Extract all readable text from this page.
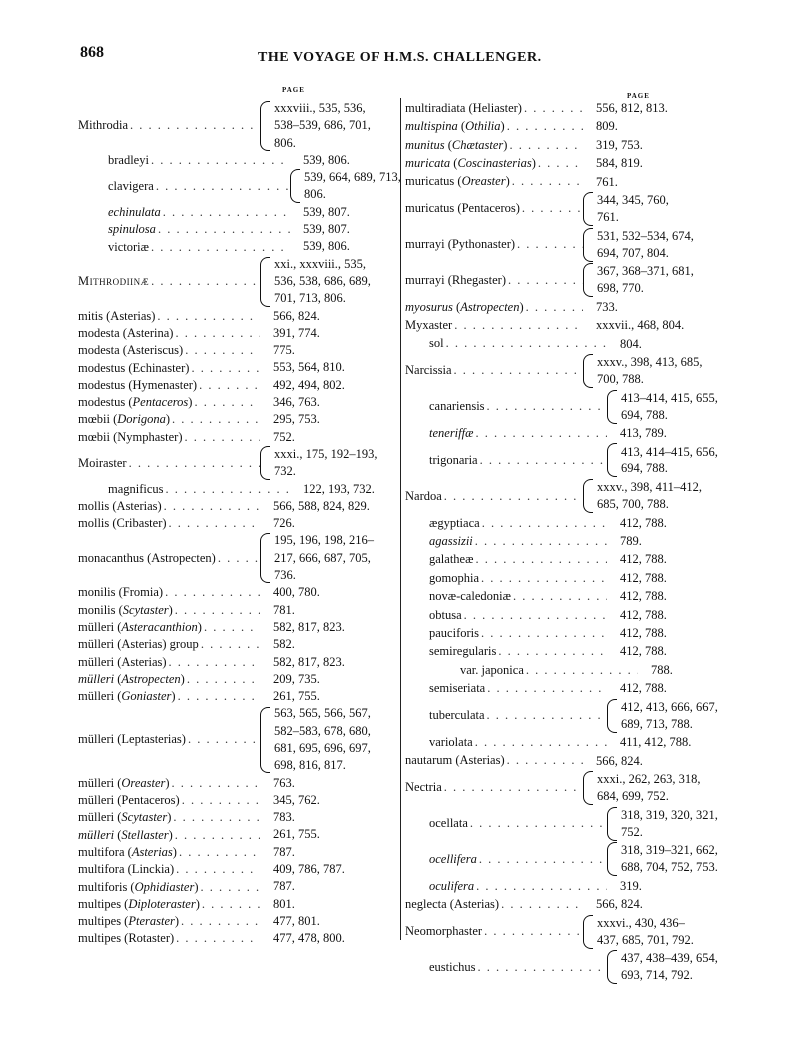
868	THE VOYAGE OF H.M.S. CHALLENGER.
PAGE
Mithrodia . . .
xxxviii., 535, 536,
538–539, 686, 701,
806.
bradleyi . . .	539, 806.
clavigera . . .
539, 664, 689, 713,
806.
echinulata . . .	539, 807.
spinulosa . . .	539, 807.
victoriæ . . .	539, 806.
Mithrodiinæ . . .
xxi., xxxviii., 535,
536, 538, 686, 689,
701, 713, 806.
mitis (Asterias) . . .	566, 824.
modesta (Asterina) . . .	391, 774.
modesta (Asteriscus) . . .	775.
modestus (Echinaster) . . .	553, 564, 810.
modestus (Hymenaster) . . .	492, 494, 802.
modestus (Pentaceros) . . .	346, 763.
mœbii (Dorigona) . . .	295, 753.
mœbii (Nymphaster) . . .	752.
Moiraster . . .
xxxi., 175, 192–193,
732.
magnificus . . .	122, 193, 732.
mollis (Asterias) . . .	566, 588, 824, 829.
mollis (Cribaster) . . .	726.
monacanthus (Astropecten) . . .
195, 196, 198, 216–
217, 666, 687, 705,
736.
monilis (Fromia) . . .	400, 780.
monilis (Scytaster) . . .	781.
mülleri (Asteracanthion) . . .	582, 817, 823.
mülleri (Asterias) group . . .	582.
mülleri (Asterias) . . .	582, 817, 823.
mülleri (Astropecten) . . .	209, 735.
mülleri (Goniaster) . . .	261, 755.
mülleri (Leptasterias) . . .
563, 565, 566, 567,
582–583, 678, 680,
681, 695, 696, 697,
698, 816, 817.
mülleri (Oreaster) . . .	763.
mülleri (Pentaceros) . . .	345, 762.
mülleri (Scytaster) . . .	783.
mülleri (Stellaster) . . .	261, 755.
multiforа (Asterias) . . .	787.
multifora (Linckia) . . .	409, 786, 787.
multiforis (Ophidiaster) . . .	787.
multipes (Diploteraster) . . .	801.
multipes (Pteraster) . . .	477, 801.
multipes (Rotaster) . . .	477, 478, 800.
PAGE
multiradiata (Heliaster) . . .	556, 812, 813.
multispina (Othilia) . . .	809.
munitus (Chætaster) . . .	319, 753.
muricata (Coscinasterias) . . .	584, 819.
muricatus (Oreaster) . . .	761.
muricatus (Pentaceros) . . .
344, 345, 760,
761.
murrayi (Pythonaster) . . .
531, 532–534, 674,
694, 707, 804.
murrayi (Rhegaster) . . .
367, 368–371, 681,
698, 770.
myosurus (Astropecten) . . .	733.
Myxaster . . .	xxxvii., 468, 804.
sol . . .	804.
Narcissia . . .
xxxv., 398, 413, 685,
700, 788.
canariensis . . .
413–414, 415, 655,
694, 788.
teneriffæ . . .	413, 789.
trigonaria . . .
413, 414–415, 656,
694, 788.
Nardoa . . .
xxxv., 398, 411–412,
685, 700, 788.
ægyptiaca . . .	412, 788.
agassizii . . .	789.
galatheæ . . .	412, 788.
gomophia . . .	412, 788.
novæ-caledoniæ . . .	412, 788.
obtusa . . .	412, 788.
pauciforis . . .	412, 788.
semiregularis . . .	412, 788.
var. japonica . . .	788.
semiseriata . . .	412, 788.
tuberculata . . .
412, 413, 666, 667,
689, 713, 788.
variolata . . .	411, 412, 788.
nautarum (Asterias) . . .	566, 824.
Nectria . . .
xxxi., 262, 263, 318,
684, 699, 752.
ocellata . . .
318, 319, 320, 321,
752.
ocellifera . . .
318, 319–321, 662,
688, 704, 752, 753.
oculifera . . .	319.
neglecta (Asterias) . . .	566, 824.
Neomorphaster . . .
xxxvi., 430, 436–
437, 685, 701, 792.
eustichus . . .
437, 438–439, 654,
693, 714, 792.
